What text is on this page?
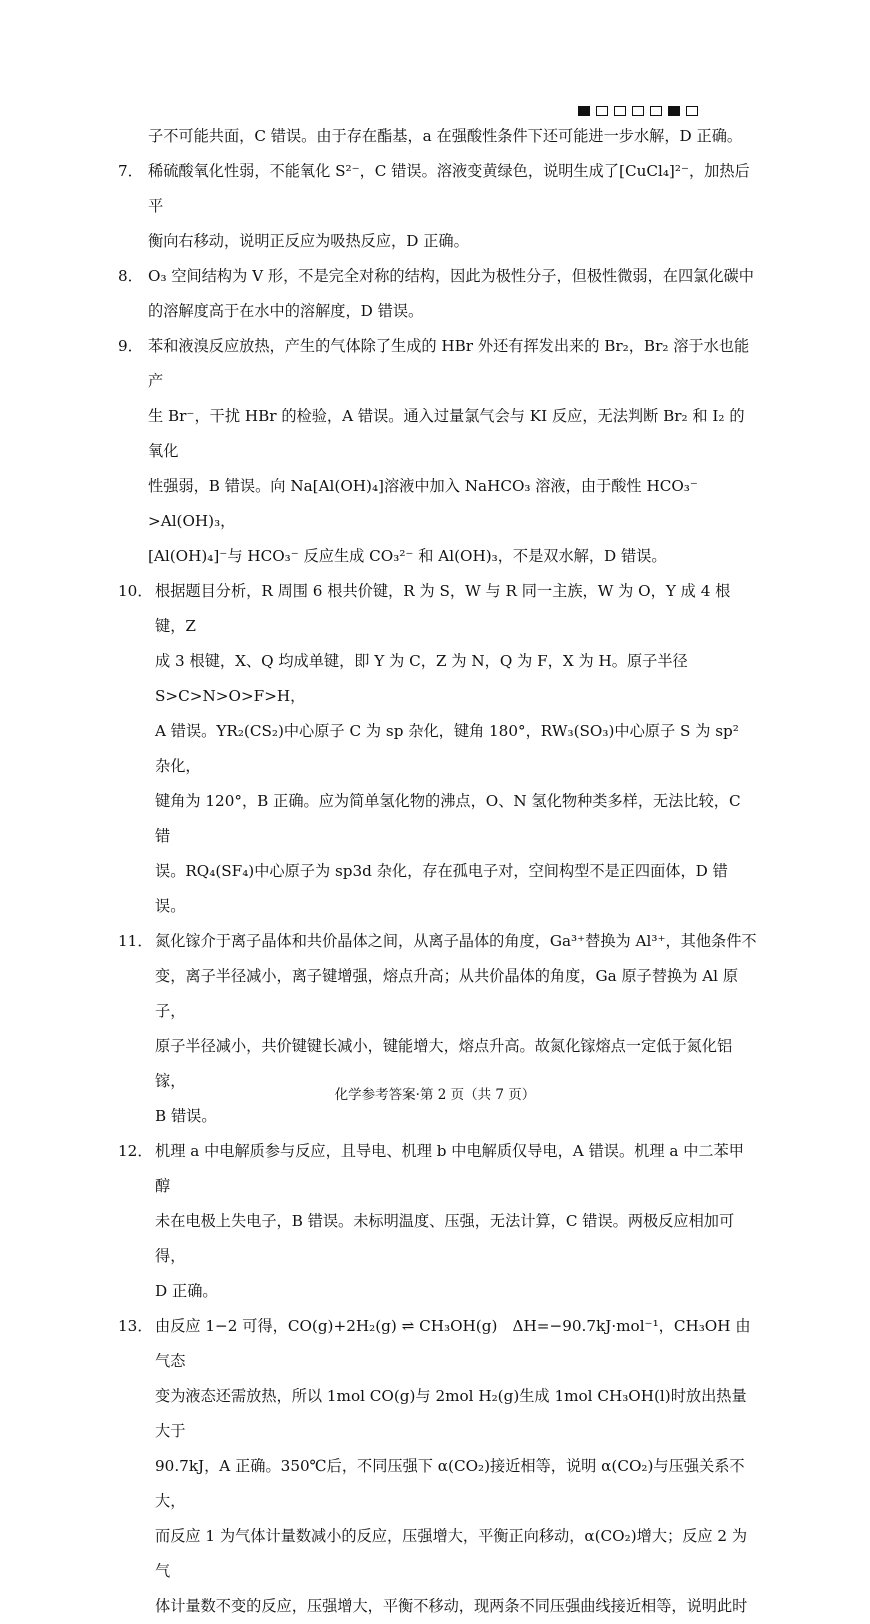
子不可能共面，C 错误。由于存在酯基，a 在强酸性条件下还可能进一步水解，D 正确。
7． 稀硫酸氧化性弱，不能氧化 S²⁻，C 错误。溶液变黄绿色，说明生成了[CuCl₄]²⁻，加热后平

衡向右移动，说明正反应为吸热反应，D 正确。

8． O₃ 空间结构为 V 形，不是完全对称的结构，因此为极性分子，但极性微弱，在四氯化碳中

的溶解度高于在水中的溶解度，D 错误。

9． 苯和液溴反应放热，产生的气体除了生成的 HBr 外还有挥发出来的 Br₂，Br₂ 溶于水也能产

生 Br⁻，干扰 HBr 的检验，A 错误。通入过量氯气会与 KI 反应，无法判断 Br₂ 和 I₂ 的氧化

性强弱，B 错误。向 Na[Al(OH)₄]溶液中加入 NaHCO₃ 溶液，由于酸性 HCO₃⁻ >Al(OH)₃，

[Al(OH)₄]⁻与 HCO₃⁻ 反应生成 CO₃²⁻ 和 Al(OH)₃，不是双水解，D 错误。

10． 根据题目分析，R 周围 6 根共价键，R 为 S，W 与 R 同一主族，W 为 O，Y 成 4 根键，Z

成 3 根键，X、Q 均成单键，即 Y 为 C，Z 为 N，Q 为 F，X 为 H。原子半径 S>C>N>O>F>H，

A 错误。YR₂(CS₂)中心原子 C 为 sp 杂化，键角 180°，RW₃(SO₃)中心原子 S 为 sp² 杂化，

键角为 120°，B 正确。应为简单氢化物的沸点，O、N 氢化物种类多样，无法比较，C 错

误。RQ₄(SF₄)中心原子为 sp3d 杂化，存在孤电子对，空间构型不是正四面体，D 错误。

11． 氮化镓介于离子晶体和共价晶体之间，从离子晶体的角度，Ga³⁺替换为 Al³⁺，其他条件不

变，离子半径减小，离子键增强，熔点升高；从共价晶体的角度，Ga 原子替换为 Al 原子，

原子半径减小，共价键键长减小，键能增大，熔点升高。故氮化镓熔点一定低于氮化铝镓，

B 错误。

12． 机理 a 中电解质参与反应，且导电、机理 b 中电解质仅导电，A 错误。机理 a 中二苯甲醇

未在电极上失电子，B 错误。未标明温度、压强，无法计算，C 错误。两极反应相加可得，

D 正确。

13． 由反应 1−2 可得，CO(g)+2H₂(g) ⇌ CH₃OH(g)　ΔH=−90.7kJ·mol⁻¹，CH₃OH 由气态

变为液态还需放热，所以 1mol CO(g)与 2mol H₂(g)生成 1mol CH₃OH(l)时放出热量大于

90.7kJ，A 正确。350℃后，不同压强下 α(CO₂)接近相等，说明 α(CO₂)与压强关系不大，

而反应 1 为气体计量数减小的反应，压强增大，平衡正向移动，α(CO₂)增大；反应 2 为气

体计量数不变的反应，压强增大，平衡不移动，现两条不同压强曲线接近相等，说明此时

化学参考答案·第 2 页（共 7 页）
